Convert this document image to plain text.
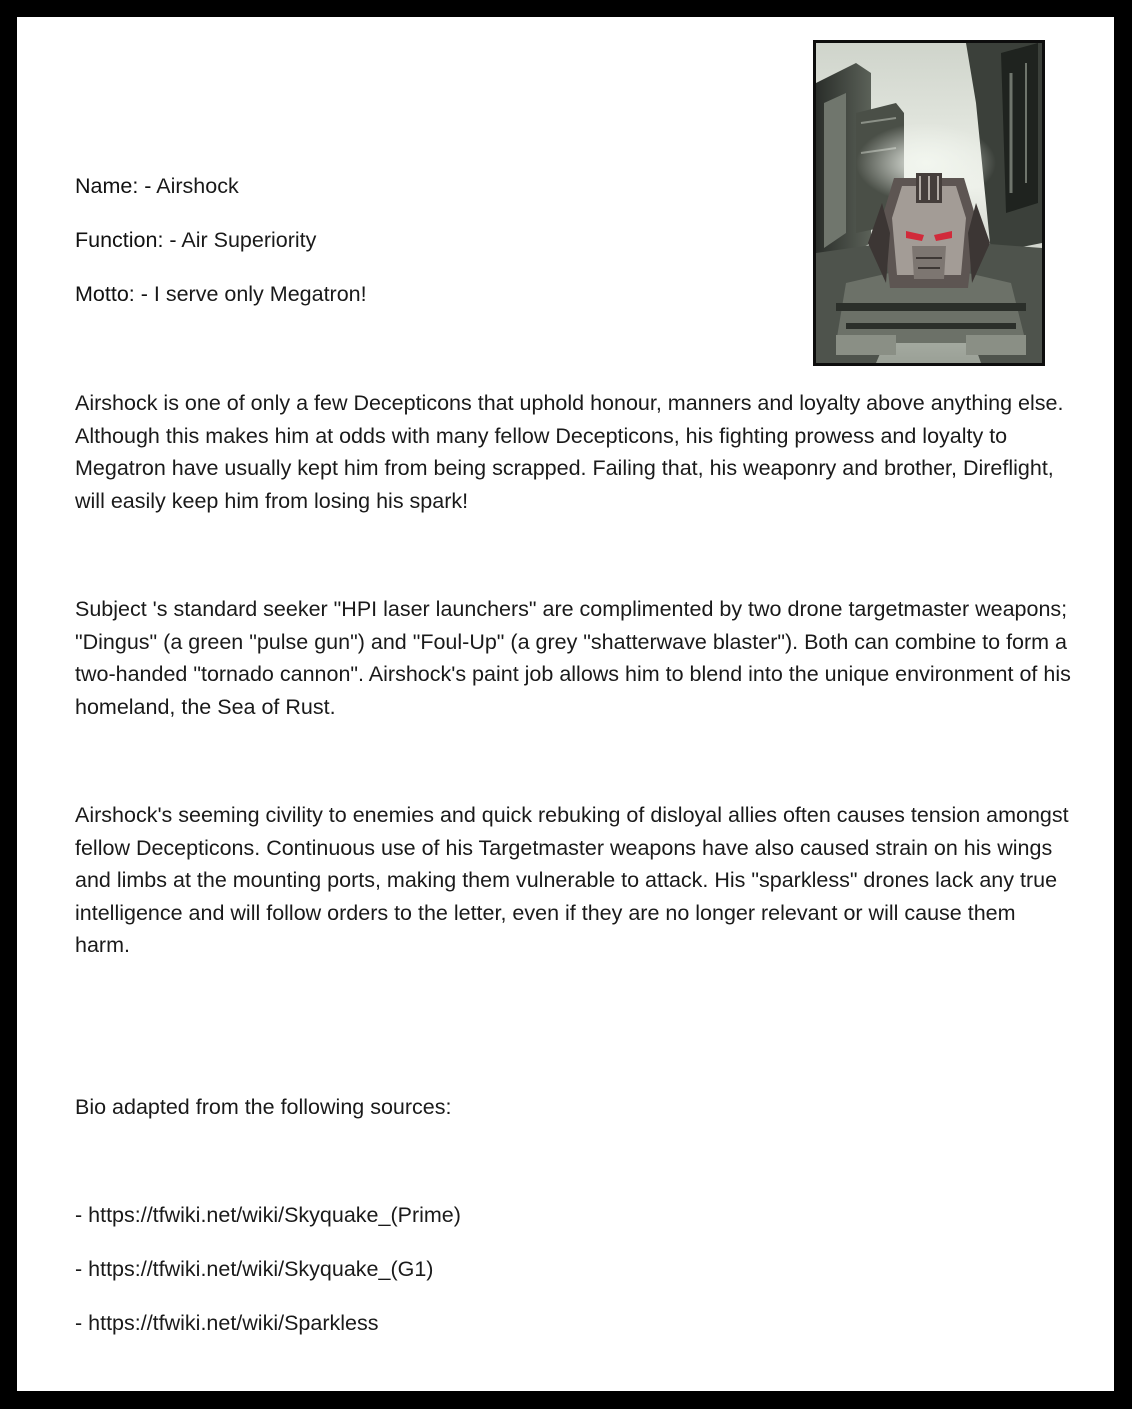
Name: - Airshock
Function: - Air Superiority
Motto: - I serve only Megatron!

Airshock is one of only a few Decepticons that uphold honour, manners and loyalty above anything else. Although this makes him at odds with many fellow Decepticons, his fighting prowess and loyalty to Megatron have usually kept him from being scrapped. Failing that, his weaponry and brother, Direflight, will easily keep him from losing his spark!

Subject 's standard seeker "HPI laser launchers" are complimented by two drone targetmaster weapons; "Dingus" (a green "pulse gun") and "Foul-Up" (a grey "shatterwave blaster"). Both can combine to form a two-handed "tornado cannon". Airshock's paint job allows him to blend into the unique environment of his homeland, the Sea of Rust.

Airshock's seeming civility to enemies and quick rebuking of disloyal allies often causes tension amongst fellow Decepticons. Continuous use of his Targetmaster weapons have also caused strain on his wings and limbs at the mounting ports, making them vulnerable to attack. His "sparkless" drones lack any true intelligence and will follow orders to the letter, even if they are no longer relevant or will cause them harm.

Bio adapted from the following sources:
- https://tfwiki.net/wiki/Skyquake_(Prime)
- https://tfwiki.net/wiki/Skyquake_(G1)
- https://tfwiki.net/wiki/Sparkless
